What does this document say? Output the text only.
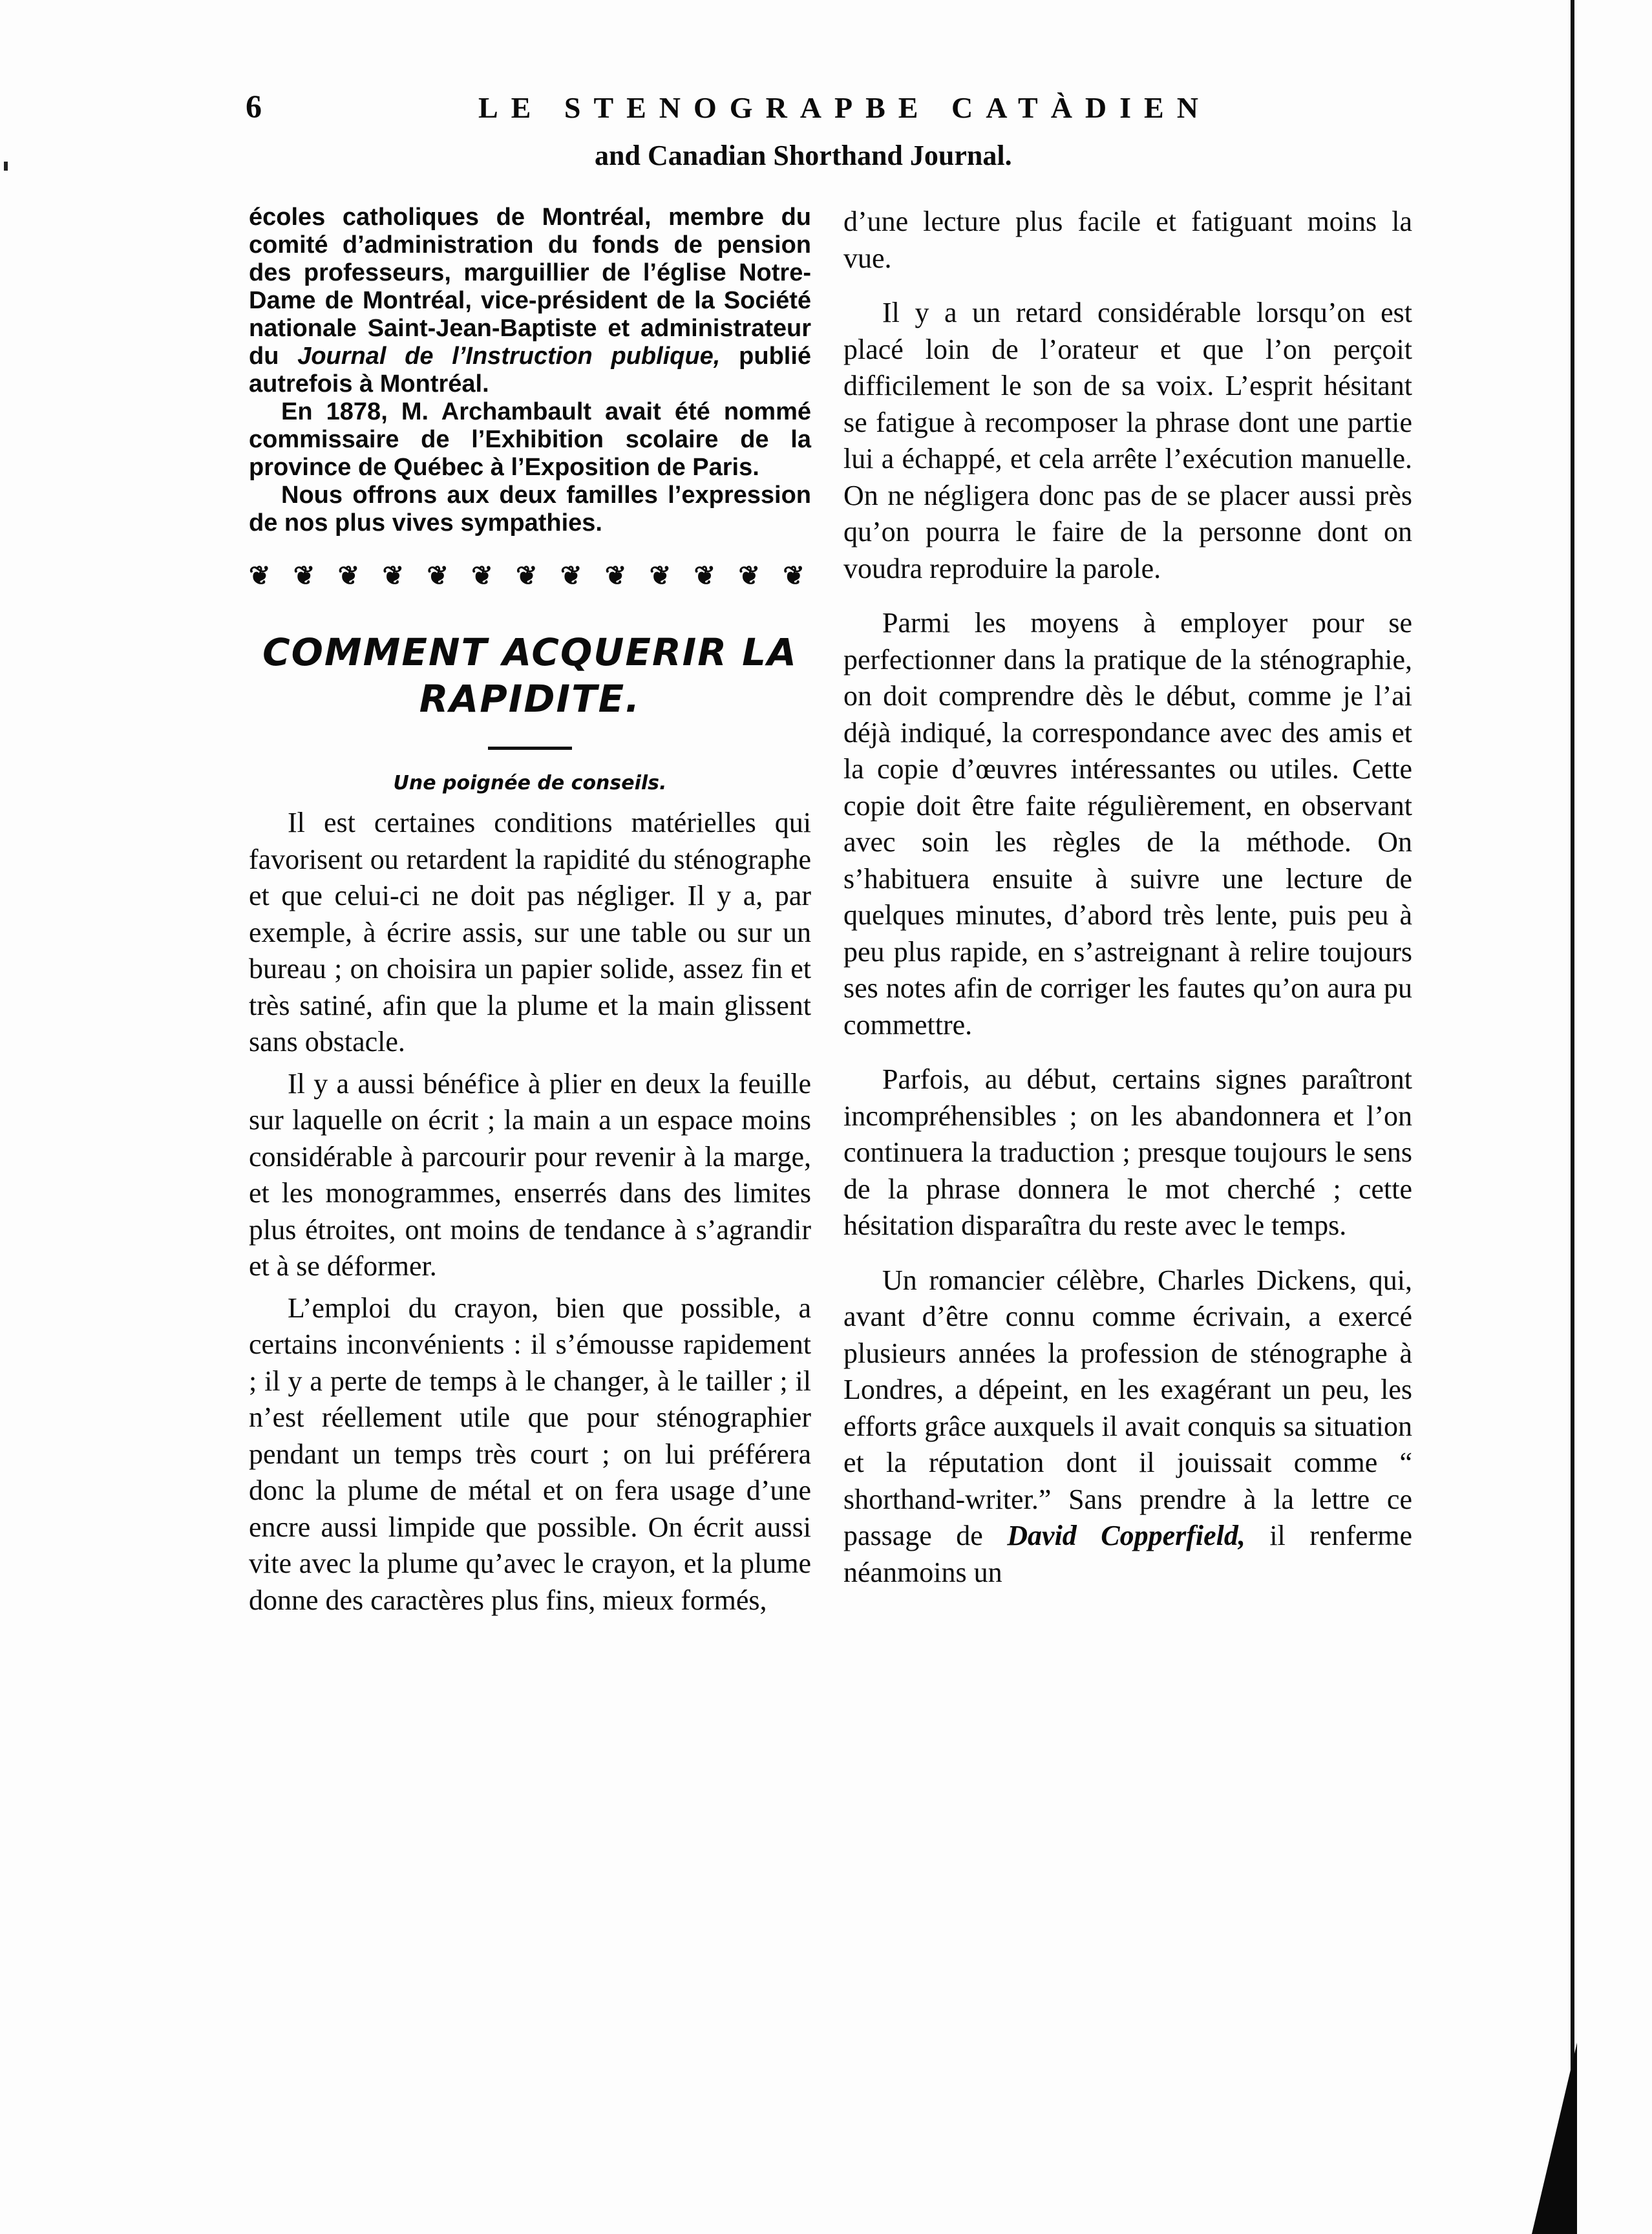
6	LE STENOGRAPBE CATÀDIEN
and Canadian Shorthand Journal.

écoles catholiques de Montréal, membre du comité d’administration du fonds de pension des professeurs, marguillier de l’église Notre-Dame de Montréal, vice-président de la Société nationale Saint-Jean-Baptiste et administrateur du Journal de l’Instruction publique, publié autrefois à Montréal.

En 1878, M. Archambault avait été nommé commissaire de l’Exhibition scolaire de la province de Québec à l’Exposition de Paris.

Nous offrons aux deux familles l’expression de nos plus vives sympathies.

❦ ❦ ❦ ❦ ❦ ❦ ❦ ❦ ❦ ❦ ❦ ❦ ❦
COMMENT ACQUERIR LA
RAPIDITE.
Une poignée de conseils.

Il est certaines conditions matérielles qui favorisent ou retardent la rapidité du sténographe et que celui-ci ne doit pas négliger. Il y a, par exemple, à écrire assis, sur une table ou sur un bureau ; on choisira un papier solide, assez fin et très satiné, afin que la plume et la main glissent sans obstacle.

Il y a aussi bénéfice à plier en deux la feuille sur laquelle on écrit ; la main a un espace moins considérable à parcourir pour revenir à la marge, et les monogrammes, enserrés dans des limites plus étroites, ont moins de tendance à s’agrandir et à se déformer.

L’emploi du crayon, bien que possible, a certains inconvénients : il s’émousse rapidement ; il y a perte de temps à le changer, à le tailler ; il n’est réellement utile que pour sténographier pendant un temps très court ; on lui préférera donc la plume de métal et on fera usage d’une encre aussi limpide que possible. On écrit aussi vite avec la plume qu’avec le crayon, et la plume donne des caractères plus fins, mieux formés,

d’une lecture plus facile et fatiguant moins la vue.

Il y a un retard considérable lorsqu’on est placé loin de l’orateur et que l’on perçoit difficilement le son de sa voix. L’esprit hésitant se fatigue à recomposer la phrase dont une partie lui a échappé, et cela arrête l’exécution manuelle. On ne négligera donc pas de se placer aussi près qu’on pourra le faire de la personne dont on voudra reproduire la parole.

Parmi les moyens à employer pour se perfectionner dans la pratique de la sténographie, on doit comprendre dès le début, comme je l’ai déjà indiqué, la correspondance avec des amis et la copie d’œuvres intéressantes ou utiles. Cette copie doit être faite régulièrement, en observant avec soin les règles de la méthode. On s’habituera ensuite à suivre une lecture de quelques minutes, d’abord très lente, puis peu à peu plus rapide, en s’astreignant à relire toujours ses notes afin de corriger les fautes qu’on aura pu commettre.

Parfois, au début, certains signes paraîtront incompréhensibles ; on les abandonnera et l’on continuera la traduction ; presque toujours le sens de la phrase donnera le mot cherché ; cette hésitation disparaîtra du reste avec le temps.

Un romancier célèbre, Charles Dickens, qui, avant d’être connu comme écrivain, a exercé plusieurs années la profession de sténographe à Londres, a dépeint, en les exagérant un peu, les efforts grâce auxquels il avait conquis sa situation et la réputation dont il jouissait comme “ shorthand-writer.” Sans prendre à la lettre ce passage de David Copperfield, il renferme néanmoins un
